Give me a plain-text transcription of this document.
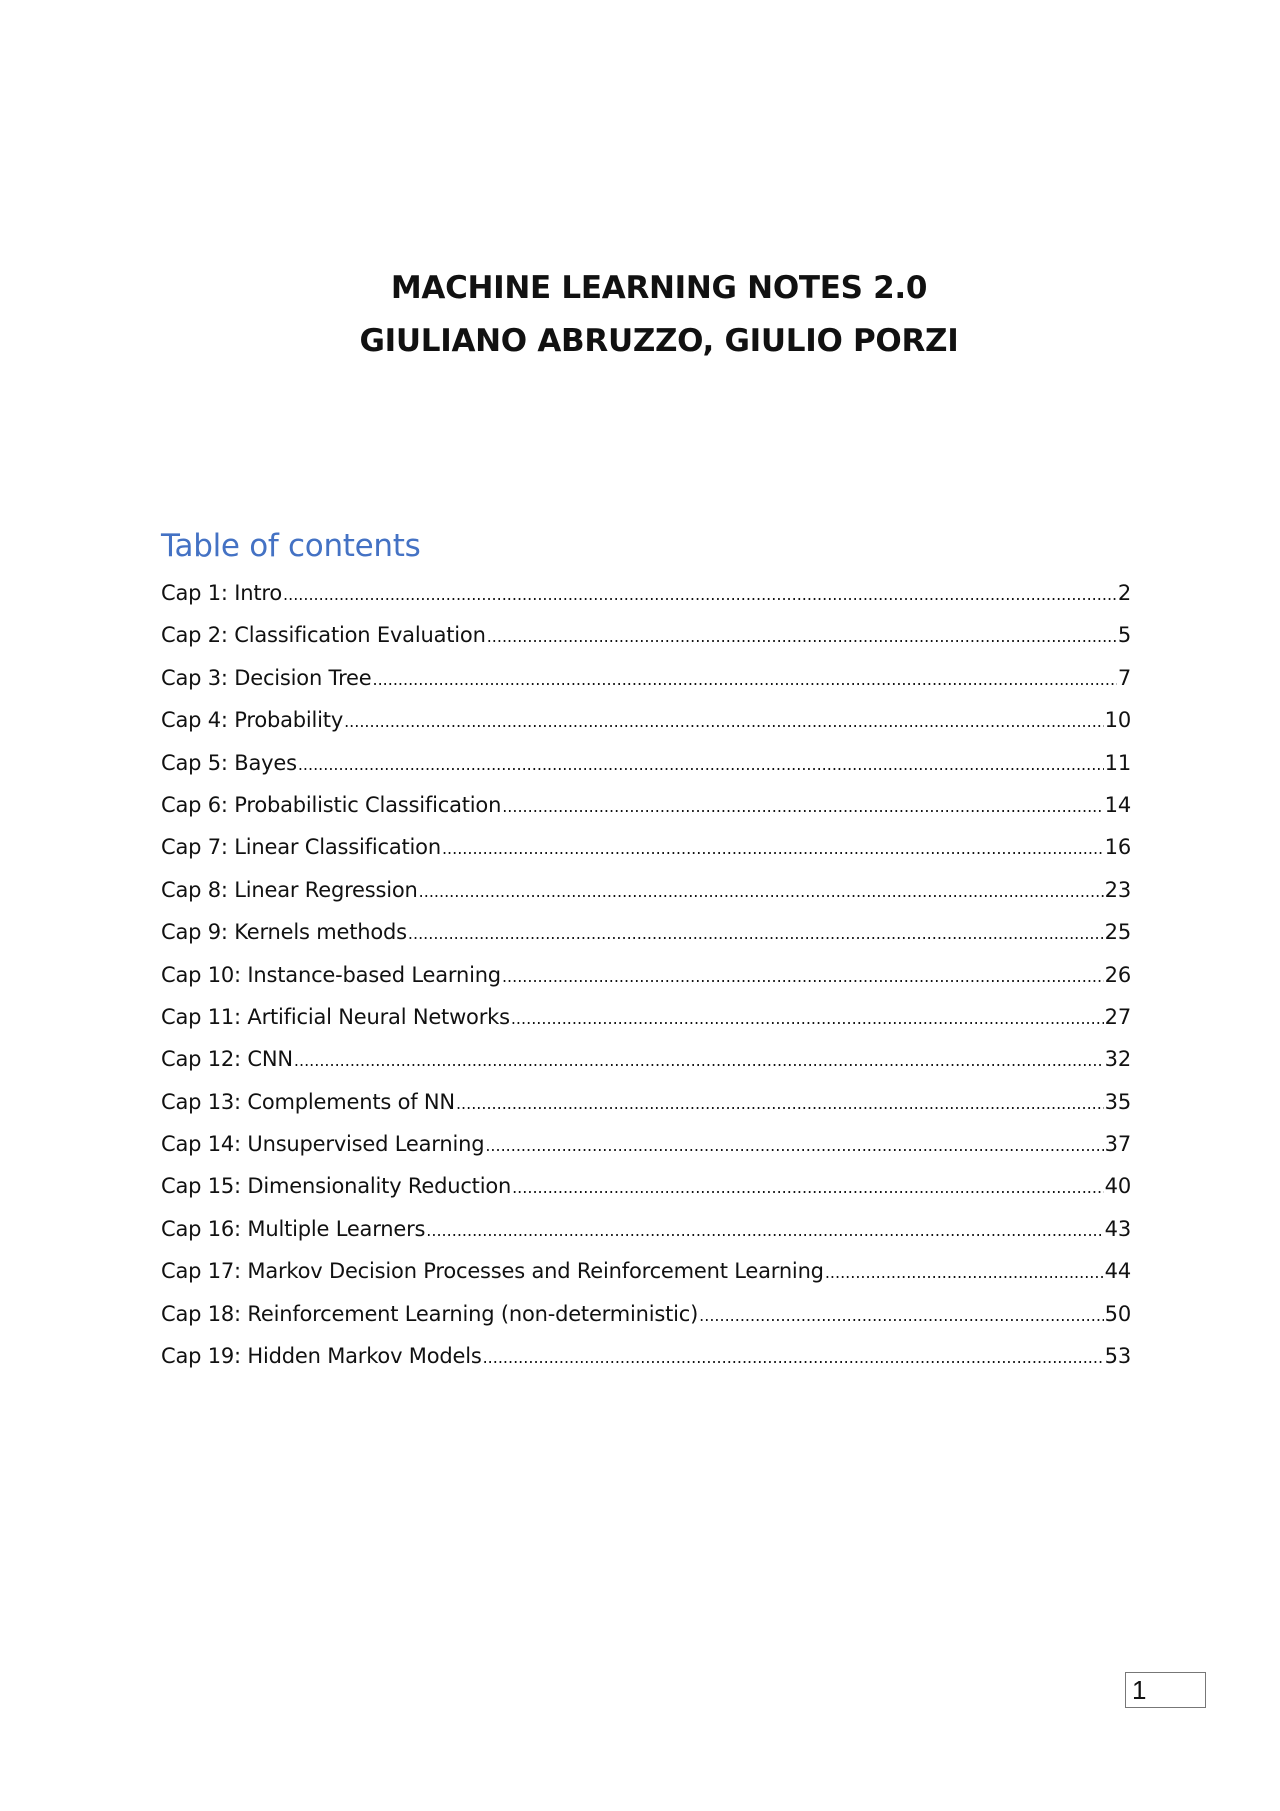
MACHINE LEARNING NOTES 2.0
GIULIANO ABRUZZO, GIULIO PORZI
Table of contents
Cap 1: Intro .....	2
Cap 2: Classification Evaluation .....	5
Cap 3: Decision Tree .....	7
Cap 4: Probability .....	10
Cap 5: Bayes .....	11
Cap 6: Probabilistic Classification .....	14
Cap 7: Linear Classification .....	16
Cap 8: Linear Regression .....	23
Cap 9: Kernels methods .....	25
Cap 10: Instance-based Learning .....	26
Cap 11: Artificial Neural Networks .....	27
Cap 12: CNN .....	32
Cap 13: Complements of NN .....	35
Cap 14: Unsupervised Learning .....	37
Cap 15: Dimensionality Reduction .....	40
Cap 16: Multiple Learners .....	43
Cap 17: Markov Decision Processes and Reinforcement Learning .....	44
Cap 18: Reinforcement Learning (non-deterministic) .....	50
Cap 19: Hidden Markov Models .....	53
1
